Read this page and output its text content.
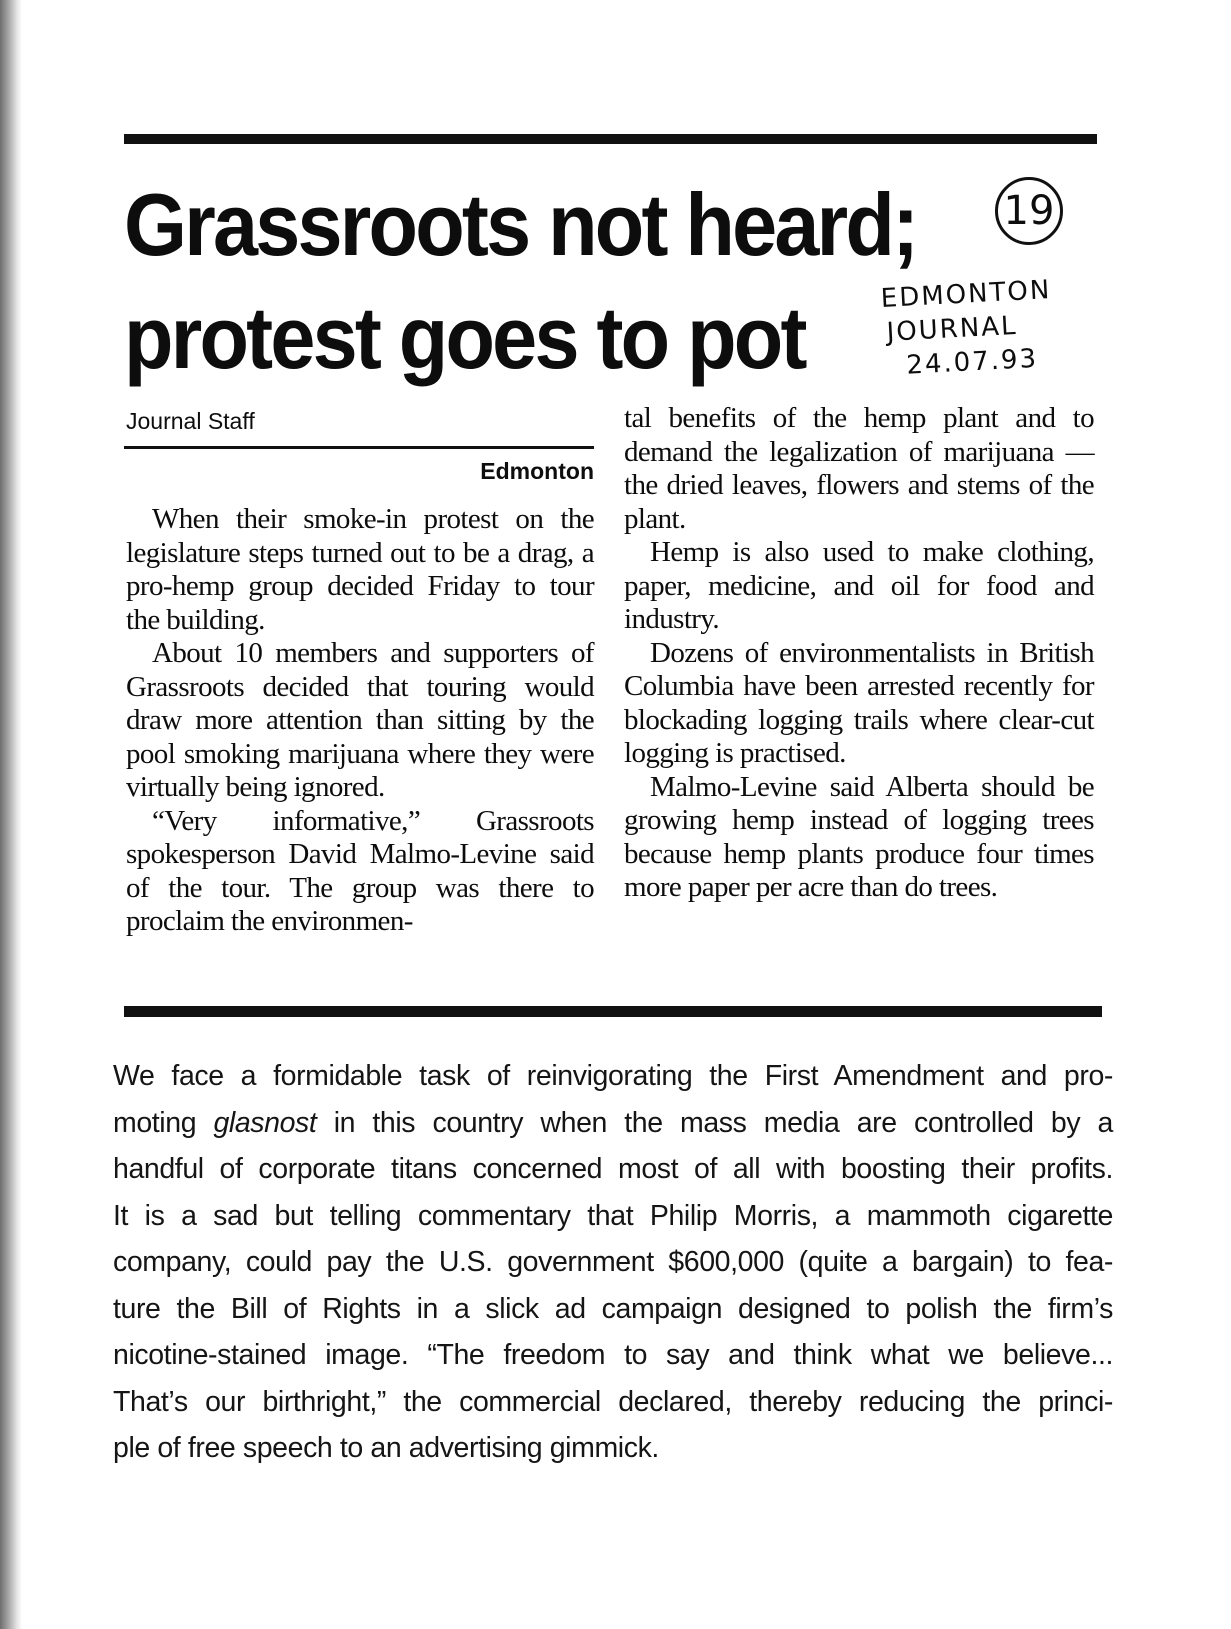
Grassroots not heard;
protest goes to pot
19
EDMONTON
JOURNAL
24.07.93
Journal Staff
Edmonton

When their smoke-in protest on the legislature steps turned out to be a drag, a pro-hemp group decided Friday to tour the building.

About 10 members and supporters of Grassroots decided that touring would draw more attention than sitting by the pool smoking marijuana where they were virtually being ignored.

“Very informative,” Grassroots spokesperson David Malmo-Levine said of the tour. The group was there to proclaim the environmen-

tal benefits of the hemp plant and to demand the legalization of marijuana — the dried leaves, flowers and stems of the plant.

Hemp is also used to make clothing, paper, medicine, and oil for food and industry.

Dozens of environmentalists in British Columbia have been arrested recently for blockading logging trails where clear-cut logging is practised.

Malmo-Levine said Alberta should be growing hemp instead of logging trees because hemp plants produce four times more paper per acre than do trees.

We face a formidable task of reinvigorating the First Amendment and pro-
moting glasnost in this country when the mass media are controlled by a
handful of corporate titans concerned most of all with boosting their profits.
It is a sad but telling commentary that Philip Morris, a mammoth cigarette
company, could pay the U.S. government $600,000 (quite a bargain) to fea-
ture the Bill of Rights in a slick ad campaign designed to polish the firm’s
nicotine-stained image. “The freedom to say and think what we believe...
That’s our birthright,” the commercial declared, thereby reducing the princi-
ple of free speech to an advertising gimmick.
